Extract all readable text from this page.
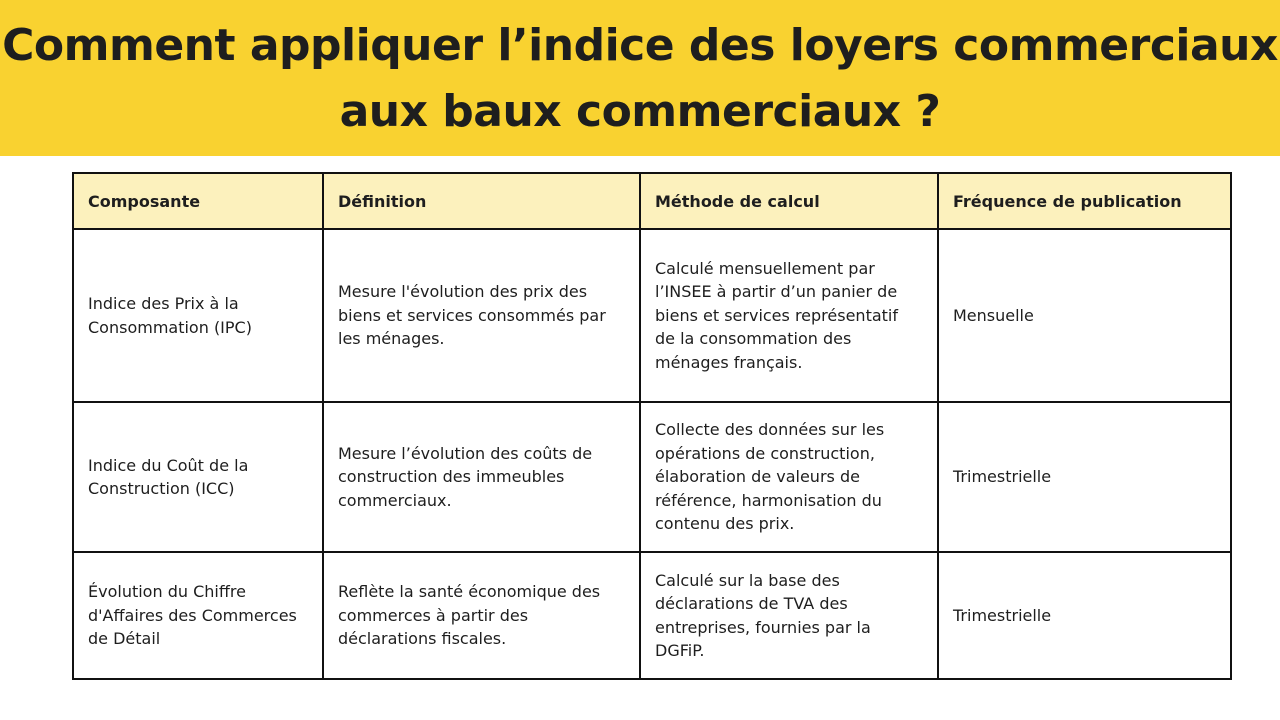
Comment appliquer l’indice des loyers commerciaux aux baux commerciaux ?
Composante	Définition	Méthode de calcul	Fréquence de publication
Indice des Prix à la Consommation (IPC)	Mesure l'évolution des prix des biens et services consommés par les ménages.	Calculé mensuellement par l’INSEE à partir d’un panier de biens et services représentatif de la consommation des ménages français.	Mensuelle
Indice du Coût de la Construction (ICC)	Mesure l’évolution des coûts de construction des immeubles commerciaux.	Collecte des données sur les opérations de construction, élaboration de valeurs de référence, harmonisation du contenu des prix.	Trimestrielle
Évolution du Chiffre d'Affaires des Commerces de Détail	Reflète la santé économique des commerces à partir des déclarations fiscales.	Calculé sur la base des déclarations de TVA des entreprises, fournies par la DGFiP.	Trimestrielle
